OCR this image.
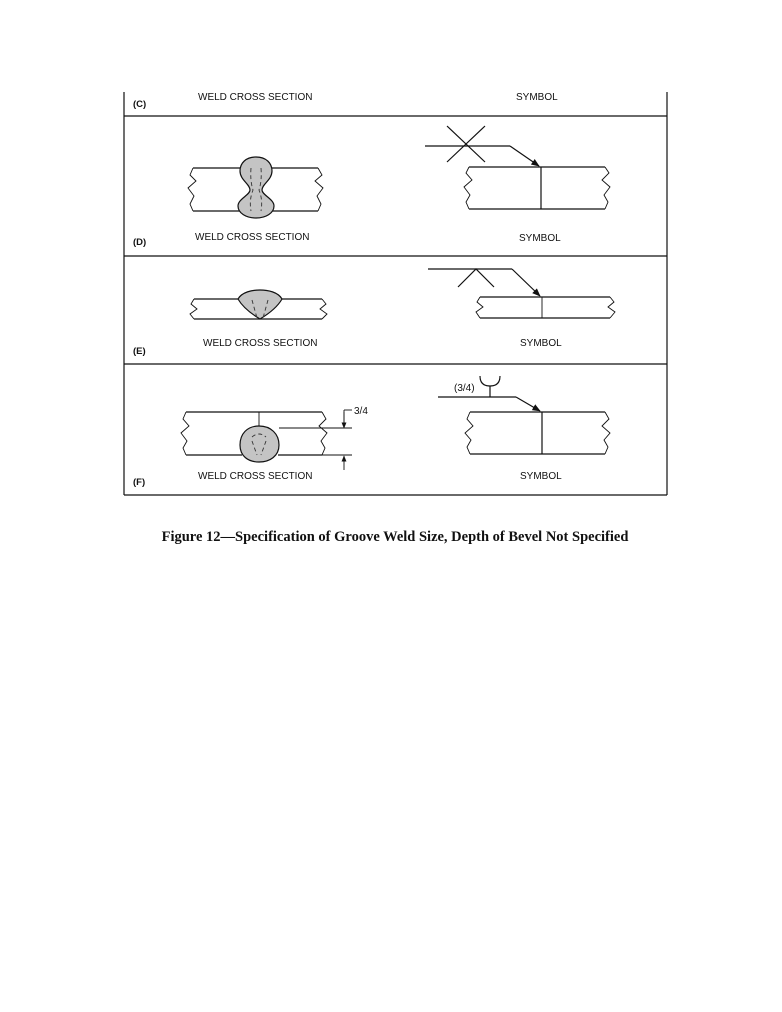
(C)
WELD CROSS SECTION	SYMBOL
(D)	WELD CROSS SECTION	SYMBOL
(E)
WELD CROSS SECTION	SYMBOL
3/4
(3/4)
(F)
WELD CROSS SECTION	SYMBOL
Figure 12—Specification of Groove Weld Size, Depth of Bevel Not Specified
